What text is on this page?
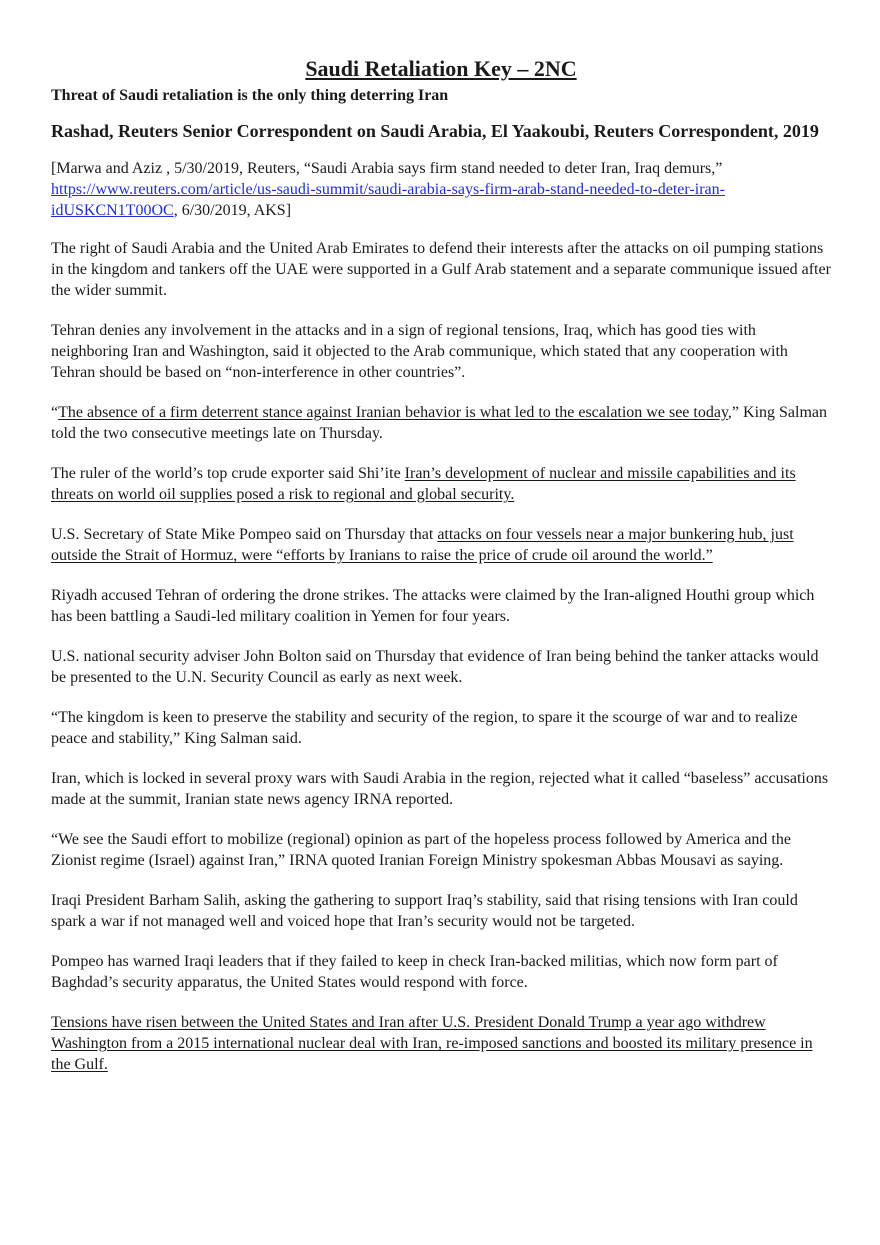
Saudi Retaliation Key – 2NC
Threat of Saudi retaliation is the only thing deterring Iran
Rashad, Reuters Senior Correspondent on Saudi Arabia, El Yaakoubi, Reuters Correspondent, 2019
[Marwa and Aziz , 5/30/2019, Reuters, “Saudi Arabia says firm stand needed to deter Iran, Iraq demurs,” https://www.reuters.com/article/us-saudi-summit/saudi-arabia-says-firm-arab-stand-needed-to-deter-iran-idUSKCN1T00OC, 6/30/2019, AKS]

The right of Saudi Arabia and the United Arab Emirates to defend their interests after the attacks on oil pumping stations in the kingdom and tankers off the UAE were supported in a Gulf Arab statement and a separate communique issued after the wider summit.

Tehran denies any involvement in the attacks and in a sign of regional tensions, Iraq, which has good ties with neighboring Iran and Washington, said it objected to the Arab communique, which stated that any cooperation with Tehran should be based on “non-interference in other countries”.

“The absence of a firm deterrent stance against Iranian behavior is what led to the escalation we see today,” King Salman told the two consecutive meetings late on Thursday.

The ruler of the world’s top crude exporter said Shi’ite Iran’s development of nuclear and missile capabilities and its threats on world oil supplies posed a risk to regional and global security.

U.S. Secretary of State Mike Pompeo said on Thursday that attacks on four vessels near a major bunkering hub, just outside the Strait of Hormuz, were “efforts by Iranians to raise the price of crude oil around the world.”

Riyadh accused Tehran of ordering the drone strikes. The attacks were claimed by the Iran-aligned Houthi group which has been battling a Saudi-led military coalition in Yemen for four years.

U.S. national security adviser John Bolton said on Thursday that evidence of Iran being behind the tanker attacks would be presented to the U.N. Security Council as early as next week.

“The kingdom is keen to preserve the stability and security of the region, to spare it the scourge of war and to realize peace and stability,” King Salman said.

Iran, which is locked in several proxy wars with Saudi Arabia in the region, rejected what it called “baseless” accusations made at the summit, Iranian state news agency IRNA reported.

“We see the Saudi effort to mobilize (regional) opinion as part of the hopeless process followed by America and the Zionist regime (Israel) against Iran,” IRNA quoted Iranian Foreign Ministry spokesman Abbas Mousavi as saying.

Iraqi President Barham Salih, asking the gathering to support Iraq’s stability, said that rising tensions with Iran could spark a war if not managed well and voiced hope that Iran’s security would not be targeted.

Pompeo has warned Iraqi leaders that if they failed to keep in check Iran-backed militias, which now form part of Baghdad’s security apparatus, the United States would respond with force.

Tensions have risen between the United States and Iran after U.S. President Donald Trump a year ago withdrew Washington from a 2015 international nuclear deal with Iran, re-imposed sanctions and boosted its military presence in the Gulf.
